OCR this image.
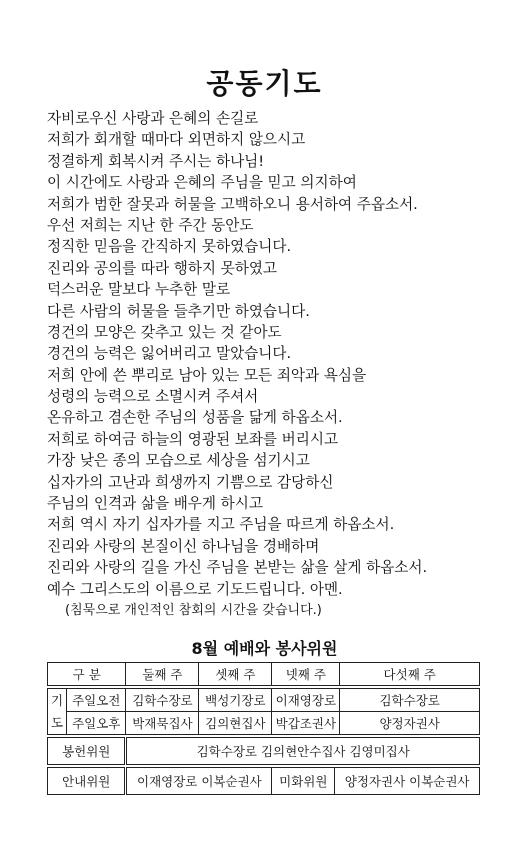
공동기도
자비로우신 사랑과 은혜의 손길로
저희가 회개할 때마다 외면하지 않으시고
정결하게 회복시켜 주시는 하나님!
이 시간에도 사랑과 은혜의 주님을 믿고 의지하여
저희가 범한 잘못과 허물을 고백하오니 용서하여 주옵소서.
우선 저희는 지난 한 주간 동안도
정직한 믿음을 간직하지 못하였습니다.
진리와 공의를 따라 행하지 못하였고
덕스러운 말보다 누추한 말로
다른 사람의 허물을 들추기만 하였습니다.
경건의 모양은 갖추고 있는 것 같아도
경건의 능력은 잃어버리고 말았습니다.
저희 안에 쓴 뿌리로 남아 있는 모든 죄악과 욕심을
성령의 능력으로 소멸시켜 주셔서
온유하고 겸손한 주님의 성품을 닮게 하옵소서.
저희로 하여금 하늘의 영광된 보좌를 버리시고
가장 낮은 종의 모습으로 세상을 섬기시고
십자가의 고난과 희생까지 기쁨으로 감당하신
주님의 인격과 삶을 배우게 하시고
저희 역시 자기 십자가를 지고 주님을 따르게 하옵소서.
진리와 사랑의 본질이신 하나님을 경배하며
진리와 사랑의 길을 가신 주님을 본받는 삶을 살게 하옵소서.
예수 그리스도의 이름으로 기도드립니다. 아멘.
(침묵으로 개인적인 참회의 시간을 갖습니다.)
8월 예배와 봉사위원
구 분		둘째 주	셋째 주	넷째 주		다섯째 주

기
도	주일오전	김학수장로	백성기장로	이재영장로		김학수장로
	주일오후	박재묵집사	김의현집사	박갑조권사		양정자권사

봉헌위원		김학수장로 김의현안수집사 김영미집사				

안내위원		이재영장로 이복순권사		미화위원	양정자권사 이복순권사	
